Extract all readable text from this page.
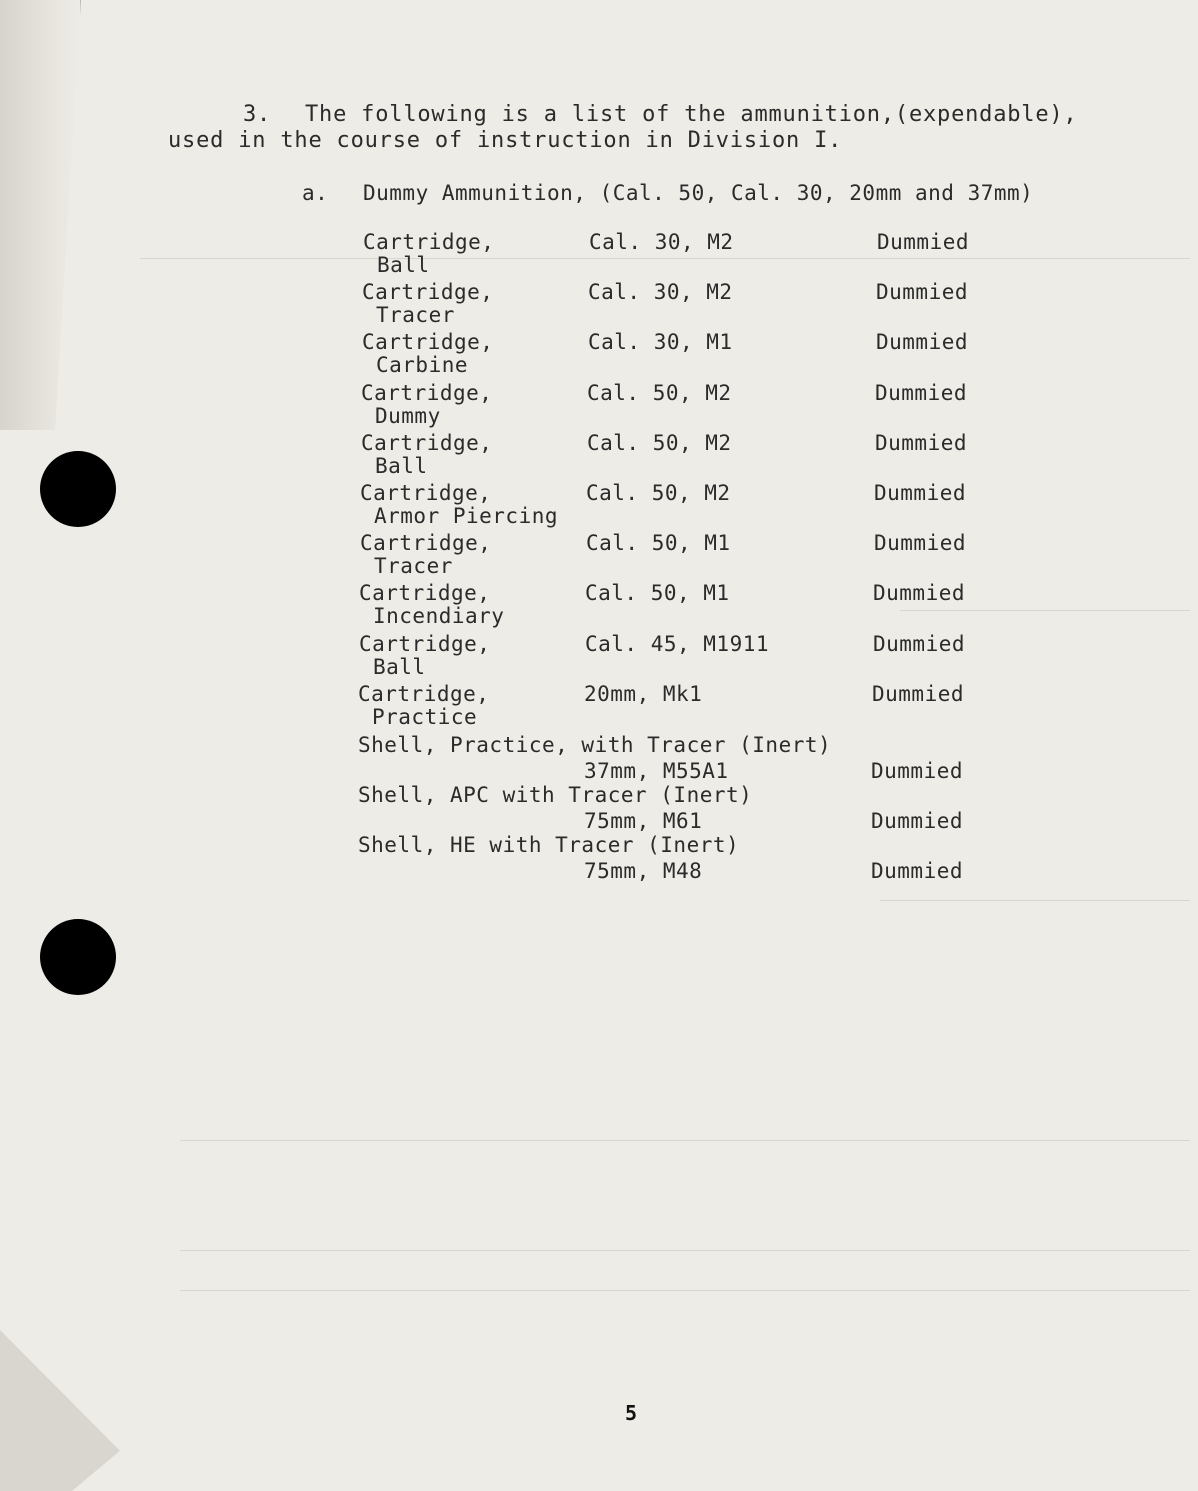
3. The following is a list of the ammunition,(expendable),
used in the course of instruction in Division I.
a. Dummy Ammunition, (Cal. 50, Cal. 30, 20mm and 37mm)
Cartridge,
Ball
Cal. 30, M2	Dummied
Cartridge,
Tracer
Cal. 30, M2	Dummied
Cartridge,
Carbine
Cal. 30, M1	Dummied
Cartridge,
Dummy
Cal. 50, M2	Dummied
Cartridge,
Ball
Cal. 50, M2	Dummied
Cartridge,
Armor Piercing
Cal. 50, M2	Dummied
Cartridge,
Tracer
Cal. 50, M1	Dummied
Cartridge,
Incendiary
Cal. 50, M1	Dummied
Cartridge,
Ball
Cal. 45, M1911	Dummied
Cartridge,
Practice
20mm, Mk1	Dummied
Shell, Practice, with Tracer (Inert)
37mm, M55A1	Dummied
Shell, APC with Tracer (Inert)
75mm, M61	Dummied
Shell, HE with Tracer (Inert)
75mm, M48	Dummied
5
